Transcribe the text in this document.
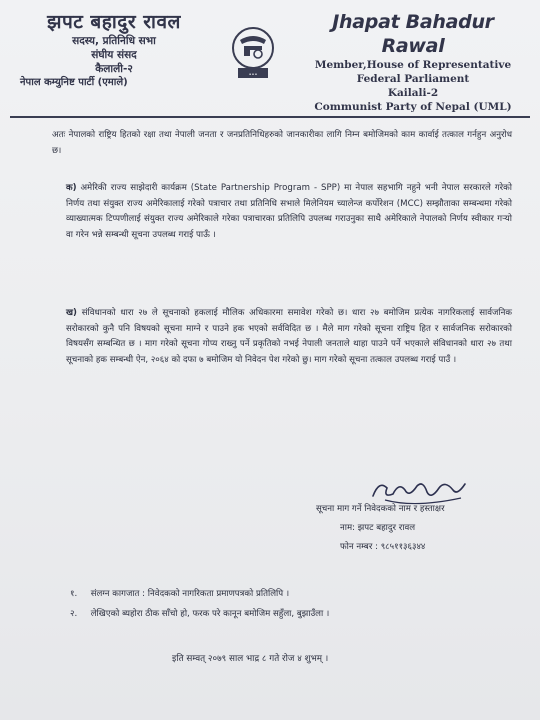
झपट बहादुर रावल
सदस्य, प्रतिनिधि सभा
संघीय संसद
कैलाली-२
नेपाल कम्युनिष्ट पार्टी (एमाले)
•••
Jhapat Bahadur Rawal
Member,House of Representative
Federal Parliament
Kailali-2
Communist Party of Nepal (UML)

अतः नेपालको राष्ट्रिय हितको रक्षा तथा नेपाली जनता र जनप्रतिनिधिहरुको जानकारीका लागि निम्न बमोजिमको काम कार्वाई तत्काल गर्नहुन अनुरोध छ।

क) अमेरिकी राज्य साझेदारी कार्यक्रम (State Partnership Program - SPP) मा नेपाल सहभागि नहुने भनी नेपाल सरकारले गरेको निर्णय तथा संयुक्त राज्य अमेरिकालाई गरेको पत्राचार तथा प्रतिनिधि सभाले मिलेनियम च्यालेन्ज कर्पोरेशन (MCC) सम्झौताका सम्बन्धमा गरेको व्याख्यात्मक टिप्पणीलाई संयुक्त राज्य अमेरिकाले गरेका पत्राचारका प्रतिलिपि उपलब्ध गराउनुका साथै अमेरिकाले नेपालको निर्णय स्वीकार गऱ्यो वा गरेन भन्ने सम्बन्धी सूचना उपलब्ध गराई पाऊँ ।

ख) संविधानको धारा २७ ले सूचनाको हकलाई मौलिक अधिकारमा समावेश गरेको छ। धारा २७ बमोजिम प्रत्येक नागरिकलाई सार्वजनिक सरोकारको कुनै पनि विषयको सूचना माग्ने र पाउने हक भएको सर्वविदित छ । मैले माग गरेको सूचना राष्ट्रिय हित र सार्वजनिक सरोकारको विषयसँग सम्बन्धित छ । माग गरेको सूचना गोप्य राख्नु पर्ने प्रकृतिको नभई नेपाली जनताले थाहा पाउने पर्ने भएकाले संविधानको धारा २७ तथा सूचनाको हक सम्बन्धी ऐन, २०६४ को दफा ७ बमोजिम यो निवेदन पेश गरेको छु। माग गरेको सूचना तत्काल उपलब्ध गराई पाउँ ।

सूचना माग गर्ने निवेदकको नाम र हस्ताक्षर
नाम: झपट बहादुर रावल
फोन नम्बर : ९८५११३६३४४
१. संलग्न कागजात : निवेदकको नागरिकता प्रमाणपत्रको प्रतिलिपि ।
२. लेखिएको ब्यहोरा ठीक साँचो हो, फरक परे कानून बमोजिम सहुँला, बुझाउँला ।
इति सम्वत् २०७९ साल भाद्र ८ गते रोज ४ शुभम् ।
